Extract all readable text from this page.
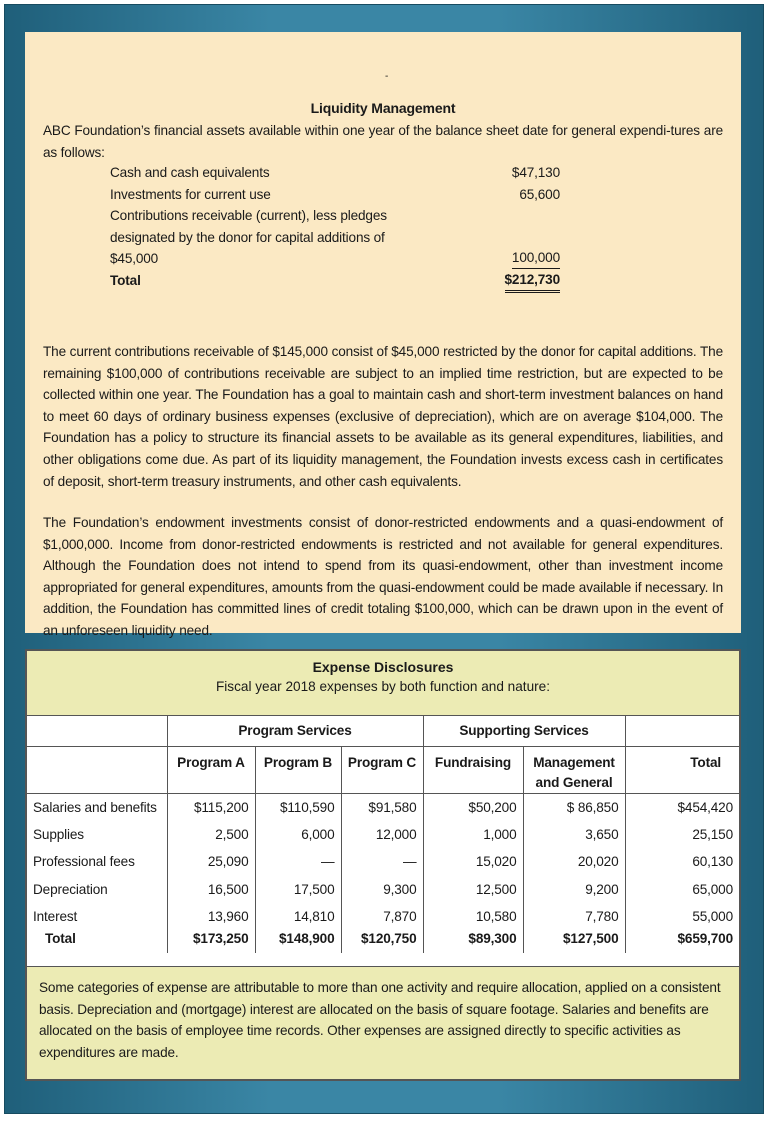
-
Liquidity Management

ABC Foundation’s financial assets available within one year of the balance sheet date for general expendi-tures are as follows:

Cash and cash equivalents	$47,130
Investments for current use	65,600
Contributions receivable (current), less pledges designated by the donor for capital additions of $45,000	100,000
Total	$212,730

The current contributions receivable of $145,000 consist of $45,000 restricted by the donor for capital additions. The remaining $100,000 of contributions receivable are subject to an implied time restriction, but are expected to be collected within one year. The Foundation has a goal to maintain cash and short-term investment balances on hand to meet 60 days of ordinary business expenses (exclusive of depreciation), which are on average $104,000. The Foundation has a policy to structure its financial assets to be available as its general expenditures, liabilities, and other obligations come due. As part of its liquidity management, the Foundation invests excess cash in certificates of deposit, short-term treasury instruments, and other cash equivalents.

The Foundation’s endowment investments consist of donor-restricted endowments and a quasi-endowment of $1,000,000. Income from donor-restricted endowments is restricted and not available for general expenditures. Although the Foundation does not intend to spend from its quasi-endowment, other than investment income appropriated for general expenditures, amounts from the quasi-endowment could be made available if necessary. In addition, the Foundation has committed lines of credit totaling $100,000, which can be drawn upon in the event of an unforeseen liquidity need.

Expense Disclosures
Fiscal year 2018 expenses by both function and nature:
	Program Services			Supporting Services		
	Program A	Program B	Program C	Fundraising	Management and General	Total
Salaries and benefits	$115,200	$110,590	$91,580	$50,200	$ 86,850	$454,420
Supplies	2,500	6,000	12,000	1,000	3,650	25,150
Professional fees	25,090	—	—	15,020	20,020	60,130
Depreciation	16,500	17,500	9,300	12,500	9,200	65,000
Interest	13,960	14,810	7,870	10,580	7,780	55,000
Total	$173,250	$148,900	$120,750	$89,300	$127,500	$659,700

Some categories of expense are attributable to more than one activity and require allocation, applied on a consistent basis. Depreciation and (mortgage) interest are allocated on the basis of square footage. Salaries and benefits are allocated on the basis of employee time records. Other expenses are assigned directly to specific activities as expenditures are made.
